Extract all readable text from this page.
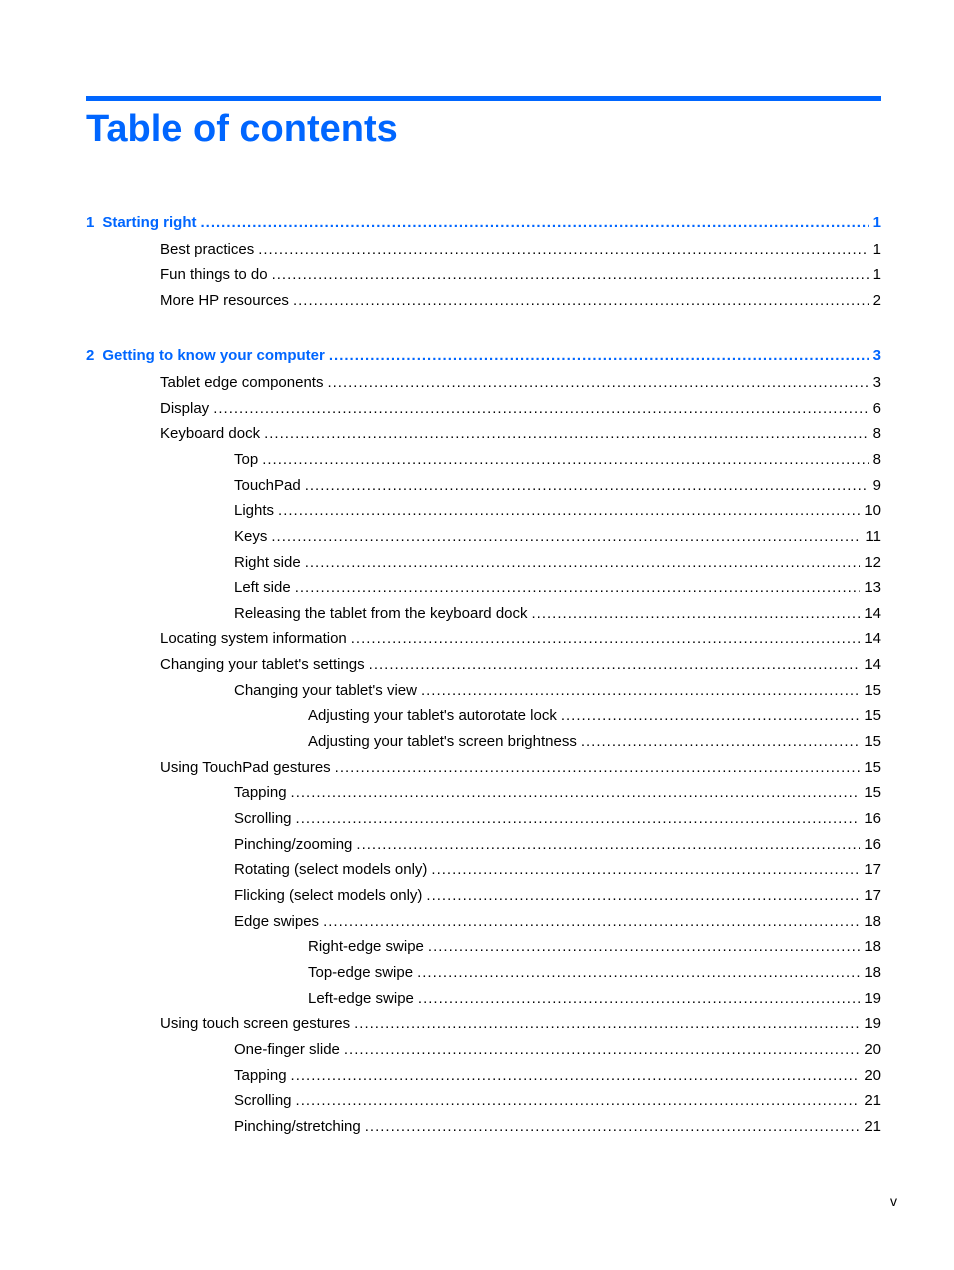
Table of contents
1 Starting right .....	1
Best practices .....	1
Fun things to do .....	1
More HP resources .....	2
2 Getting to know your computer .....	3
Tablet edge components .....	3
Display .....	6
Keyboard dock .....	8
Top .....	8
TouchPad .....	9
Lights .....	10
Keys .....	11
Right side .....	12
Left side .....	13
Releasing the tablet from the keyboard dock .....	14
Locating system information .....	14
Changing your tablet's settings .....	14
Changing your tablet's view .....	15
Adjusting your tablet's autorotate lock .....	15
Adjusting your tablet's screen brightness .....	15
Using TouchPad gestures .....	15
Tapping .....	15
Scrolling .....	16
Pinching/zooming .....	16
Rotating (select models only) .....	17
Flicking (select models only) .....	17
Edge swipes .....	18
Right-edge swipe .....	18
Top-edge swipe .....	18
Left-edge swipe .....	19
Using touch screen gestures .....	19
One-finger slide .....	20
Tapping .....	20
Scrolling .....	21
Pinching/stretching .....	21
v
